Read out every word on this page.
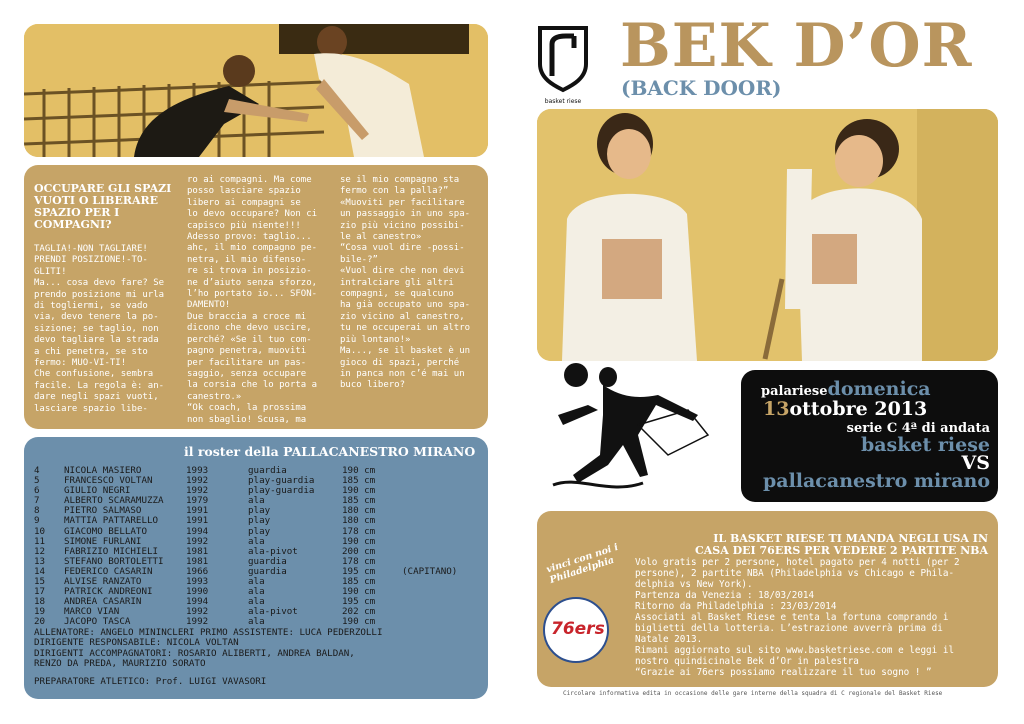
OCCUPARE GLI SPAZI VUOTI O LIBERARE SPAZIO PER I COMPAGNI?
TAGLIA!-NON TAGLIARE!
PRENDI POSIZIONE!-TO-
GLITI!
Ma... cosa devo fare? Se
prendo posizione mi urla
di togliermi, se vado
via, devo tenere la po-
sizione; se taglio, non
devo tagliare la strada
a chi penetra, se sto
fermo: MUO-VI-TI!
Che confusione, sembra
facile. La regola è: an-
dare negli spazi vuoti,
lasciare spazio libe-
ro ai compagni. Ma come
posso lasciare spazio
libero ai compagni se
lo devo occupare? Non ci
capisco più niente!!!
Adesso provo: taglio...
ahc, il mio compagno pe-
netra, il mio difenso-
re si trova in posizio-
ne d’aiuto senza sforzo,
l’ho portato io... SFON-
DAMENTO!
Due braccia a croce mi
dicono che devo uscire,
perché? «Se il tuo com-
pagno penetra, muoviti
per facilitare un pas-
saggio, senza occupare
la corsia che lo porta a
canestro.»
“Ok coach, la prossima
non sbaglio! Scusa, ma
se il mio compagno sta
fermo con la palla?”
«Muoviti per facilitare
un passaggio in uno spa-
zio più vicino possibi-
le al canestro»
“Cosa vuol dire -possi-
bile-?”
«Vuol dire che non devi
intralciare gli altri
compagni, se qualcuno
ha già occupato uno spa-
zio vicino al canestro,
tu ne occuperai un altro
più lontano!»
Ma..., se il basket è un
gioco di spazi, perché
in panca non c’é mai un
buco libero?
il roster della PALLACANESTRO MIRANO
4	NICOLA MASIERO	1993	guardia	190 cm	
5	FRANCESCO VOLTAN	1992	play-guardia	185 cm	
6	GIULIO NEGRI	1992	play-guardia	190 cm	
7	ALBERTO SCARAMUZZA	1979	ala	185 cm	
8	PIETRO SALMASO	1991	play	180 cm	
9	MATTIA PATTARELLO	1991	play	180 cm	
10	GIACOMO BELLATO	1994	play	178 cm	
11	SIMONE FURLANI	1992	ala	190 cm	
12	FABRIZIO MICHIELI	1981	ala-pivot	200 cm	
13	STEFANO BORTOLETTI	1981	guardia	178 cm	
14	FEDERICO CASARIN	1966	guardia	195 cm	(CAPITANO)
15	ALVISE RANZATO	1993	ala	185 cm	
17	PATRICK ANDREONI	1990	ala	190 cm	
18	ANDREA CASARIN	1994	ala	195 cm	
19	MARCO VIAN	1992	ala-pivot	202 cm	
20	JACOPO TASCA	1992	ala	190 cm	
ALLENATORE: ANGELO MININCLERI PRIMO ASSISTENTE: LUCA PEDERZOLLI
DIRIGENTE RESPONSABILE: NICOLA VOLTAN
DIRIGENTI ACCOMPAGNATORI: ROSARIO ALIBERTI, ANDREA BALDAN,
RENZO DA PREDA, MAURIZIO SORATO
PREPARATORE ATLETICO: Prof. LUIGI VAVASORI
basket riese
BEK D’OR
(BACK DOOR)
palariesedomenica
13ottobre 2013
serie C 4ª di andata
basket riese
VS
pallacanestro mirano
IL BASKET RIESE TI MANDA NEGLI USA IN CASA DEI 76ERS PER VEDERE 2 PARTITE NBA
Volo gratis per 2 persone, hotel pagato per 4 notti (per 2
persone), 2 partite NBA (Philadelphia vs Chicago e Phila-
delphia vs New York).
Partenza da Venezia : 18/03/2014
Ritorno da Philadelphia : 23/03/2014
Associati al Basket Riese e tenta la fortuna comprando i
biglietti della lotteria. L’estrazione avverrà prima di
Natale 2013.
Rimani aggiornato sul sito www.basketriese.com e leggi il
nostro quindicinale Bek d’Or in palestra
“Grazie ai 76ers possiamo realizzare il tuo sogno ! ”
vinci con noi i Philadelphia
76ers
Circolare informativa edita in occasione delle gare interne della squadra di C regionale del Basket Riese
